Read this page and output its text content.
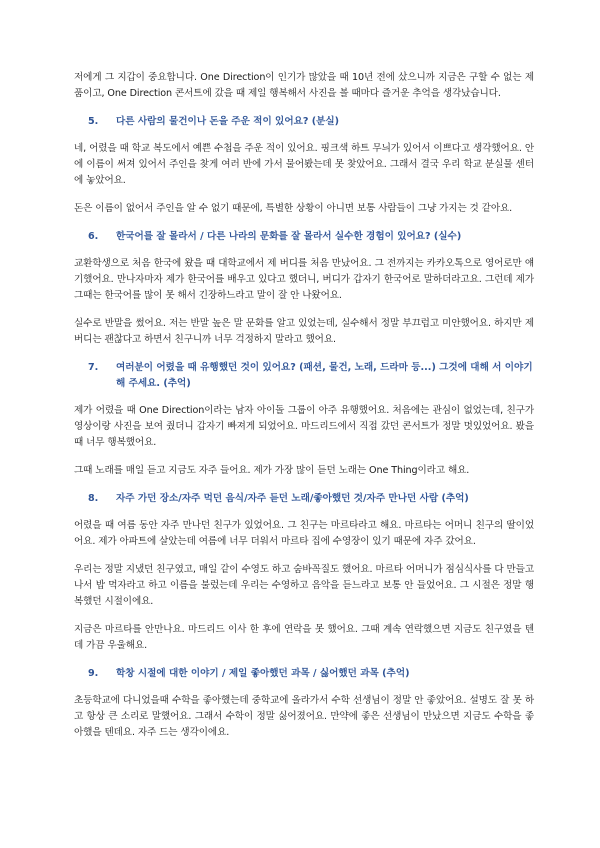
저에게 그 지갑이 중요합니다. One Direction이 인기가 많았을 때 10년 전에 샀으니까 지금은 구할 수 없는 제품이고, One Direction 콘서트에 갔을 때 제일 행복해서 사진을 볼 때마다 즐거운 추억을 생각났습니다.

5.	다른 사람의 물건이나 돈을 주운 적이 있어요? (분실)

네, 어렸을 때 학교 복도에서 예쁜 수첩을 주운 적이 있어요. 핑크색 하트 무늬가 있어서 이쁘다고 생각했어요. 안에 이름이 써져 있어서 주인을 찾게 여러 반에 가서 물어봤는데 못 찾았어요. 그래서 결국 우리 학교 분실물 센터에 놓았어요.

돈은 이름이 없어서 주인을 알 수 없기 때문에, 특별한 상황이 아니면 보통 사람들이 그냥 가지는 것 같아요.

6.	한국어를 잘 몰라서 / 다른 나라의 문화를 잘 몰라서 실수한 경험이 있어요? (실수)

교환학생으로 처음 한국에 왔을 때 대학교에서 제 버디를 처음 만났어요. 그 전까지는 카카오톡으로 영어로만 얘기했어요. 만나자마자 제가 한국어를 배우고 있다고 했더니, 버디가 갑자기 한국어로 말하더라고요. 그런데 제가 그때는 한국어를 많이 못 해서 긴장하느라고 말이 잘 안 나왔어요.

실수로 반말을 썼어요. 저는 반말 높은 말 문화를 알고 있었는데, 실수해서 정말 부끄럽고 미안했어요. 하지만 제 버디는 괜찮다고 하면서 친구니까 너무 걱정하지 말라고 했어요.

7.	여러분이 어렸을 때 유행했던 것이 있어요? (패션, 물건, 노래, 드라마 등...) 그것에 대해 서 이야기해 주세요. (추억)

제가 어렸을 때 One Direction이라는 남자 아이돌 그룹이 아주 유행했어요. 처음에는 관심이 없었는데, 친구가 영상이랑 사진을 보여 줬더니 갑자기 빠져게 되었어요. 마드리드에서 직접 갔던 콘서트가 정말 멋있었어요. 봤을 때 너무 행복했어요.

그때 노래를 매일 듣고 지금도 자주 들어요. 제가 가장 많이 듣던 노래는 One Thing이라고 해요.

8.	자주 가던 장소/자주 먹던 음식/자주 듣던 노래/좋아했던 것/자주 만나던 사람 (추억)

어렸을 때 여름 동안 자주 만나던 친구가 있었어요. 그 친구는 마르타라고 해요. 마르타는 어머니 친구의 딸이었어요. 제가 아파트에 살았는데 여름에 너무 더워서 마르타 집에 수영장이 있기 때문에 자주 갔어요.

우리는 정말 지냈던 친구였고, 매일 같이 수영도 하고 숨바꼭질도 했어요. 마르타 어머니가 점심식사를 다 만들고 나서 밥 먹자라고 하고 이름을 불렀는데 우리는 수영하고 음악을 듣느라고 보통 안 들었어요. 그 시절은 정말 행복했던 시절이에요.

지금은 마르타를 안만나요. 마드리드 이사 한 후에 연락을 못 했어요. 그때 계속 연락했으면 지금도 친구였을 텐데 가끔 우울해요.

9.	학창 시절에 대한 이야기 / 제일 좋아했던 과목 / 싫어했던 과목 (추억)

초등학교에 다니었을때 수학을 좋아했는데 중학교에 올라가서 수학 선생님이 정말 안 좋았어요. 설명도 잘 못 하고 항상 큰 소리로 말했어요. 그래서 수학이 정말 싫어졌어요. 만약에 좋은 선생님이 만났으면 지금도 수학을 좋아했을 텐데요. 자주 드는 생각이에요.
